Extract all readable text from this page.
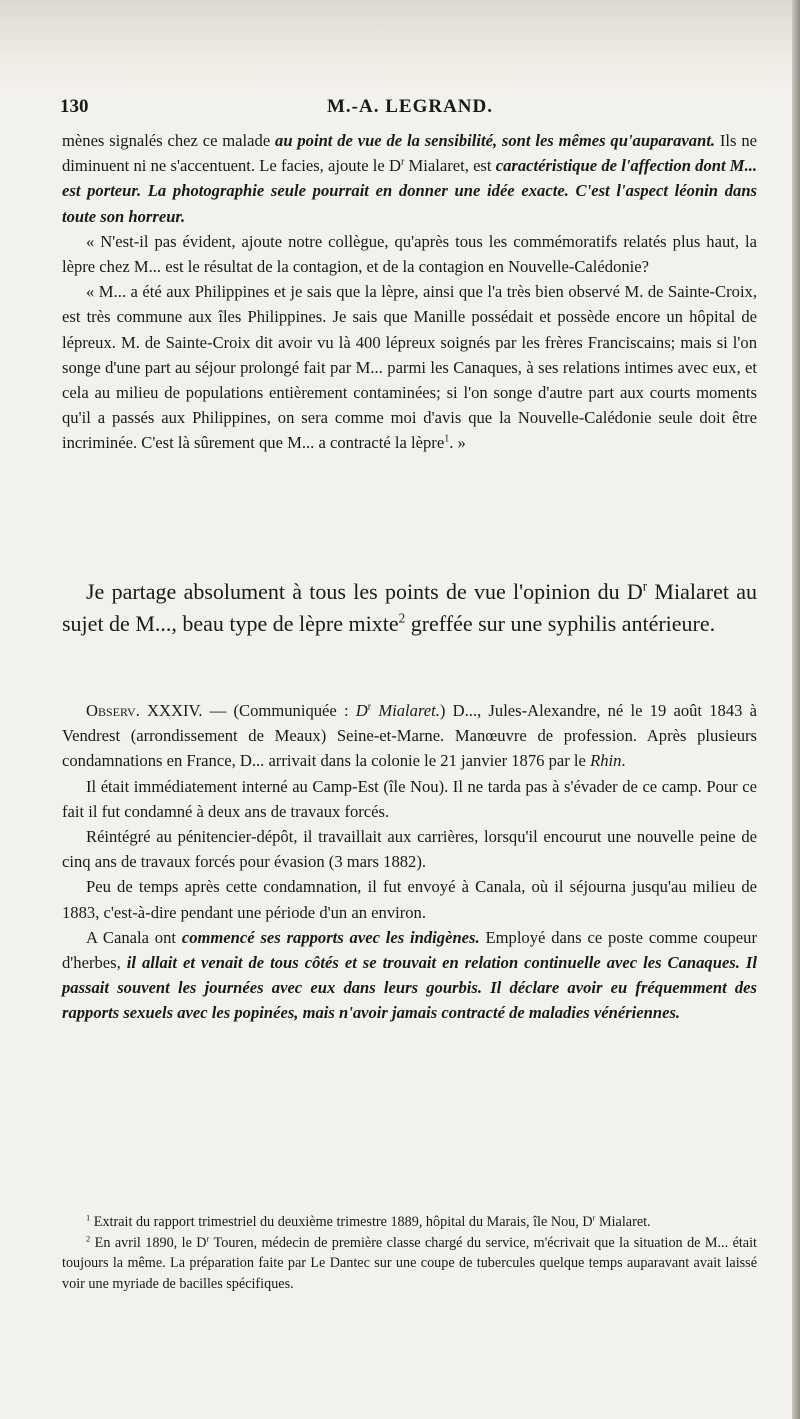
130	M.-A. LEGRAND.

mènes signalés chez ce malade au point de vue de la sensibilité, sont les mêmes qu'auparavant. Ils ne diminuent ni ne s'accentuent. Le facies, ajoute le $D^r$ Mialaret, est caractéristique de l'affection dont M... est porteur. La photographie seule pourrait en donner une idée exacte. C'est l'aspect léonin dans toute son horreur.

« N'est-il pas évident, ajoute notre collègue, qu'après tous les commémoratifs relatés plus haut, la lèpre chez M... est le résultat de la contagion, et de la contagion en Nouvelle-Calédonie?

« M... a été aux Philippines et je sais que la lèpre, ainsi que l'a très bien observé M. de Sainte-Croix, est très commune aux îles Philippines. Je sais que Manille possédait et possède encore un hôpital de lépreux. M. de Sainte-Croix dit avoir vu là 400 lépreux soignés par les frères Franciscains; mais si l'on songe d'une part au séjour prolongé fait par M... parmi les Canaques, à ses relations intimes avec eux, et cela au milieu de populations entièrement contaminées; si l'on songe d'autre part aux courts moments qu'il a passés aux Philippines, on sera comme moi d'avis que la Nouvelle-Calédonie seule doit être incriminée. C'est là sûrement que M... a contracté la lèpre$^1$. »

Je partage absolument à tous les points de vue l'opinion du $D^r$ Mialaret au sujet de M..., beau type de lèpre mixte$^2$ greffée sur une syphilis antérieure.

Observ. XXXIV. — (Communiquée : $D^r$ Mialaret.) D..., Jules-Alexandre, né le 19 août 1843 à Vendrest (arrondissement de Meaux) Seine-et-Marne. Manœuvre de profession. Après plusieurs condamnations en France, D... arrivait dans la colonie le 21 janvier 1876 par le Rhin.

Il était immédiatement interné au Camp-Est (île Nou). Il ne tarda pas à s'évader de ce camp. Pour ce fait il fut condamné à deux ans de travaux forcés.

Réintégré au pénitencier-dépôt, il travaillait aux carrières, lorsqu'il encourut une nouvelle peine de cinq ans de travaux forcés pour évasion (3 mars 1882).

Peu de temps après cette condamnation, il fut envoyé à Canala, où il séjourna jusqu'au milieu de 1883, c'est-à-dire pendant une période d'un an environ.

A Canala ont commencé ses rapports avec les indigènes. Employé dans ce poste comme coupeur d'herbes, il allait et venait de tous côtés et se trouvait en relation continuelle avec les Canaques. Il passait souvent les journées avec eux dans leurs gourbis. Il déclare avoir eu fréquemment des rapports sexuels avec les popinées, mais n'avoir jamais contracté de maladies vénériennes.

$^1$ Extrait du rapport trimestriel du deuxième trimestre 1889, hôpital du Marais, île Nou, $D^r$ Mialaret.

$^2$ En avril 1890, le $D^r$ Touren, médecin de première classe chargé du service, m'écrivait que la situation de M... était toujours la même. La préparation faite par Le Dantec sur une coupe de tubercules quelque temps auparavant avait laissé voir une myriade de bacilles spécifiques.
